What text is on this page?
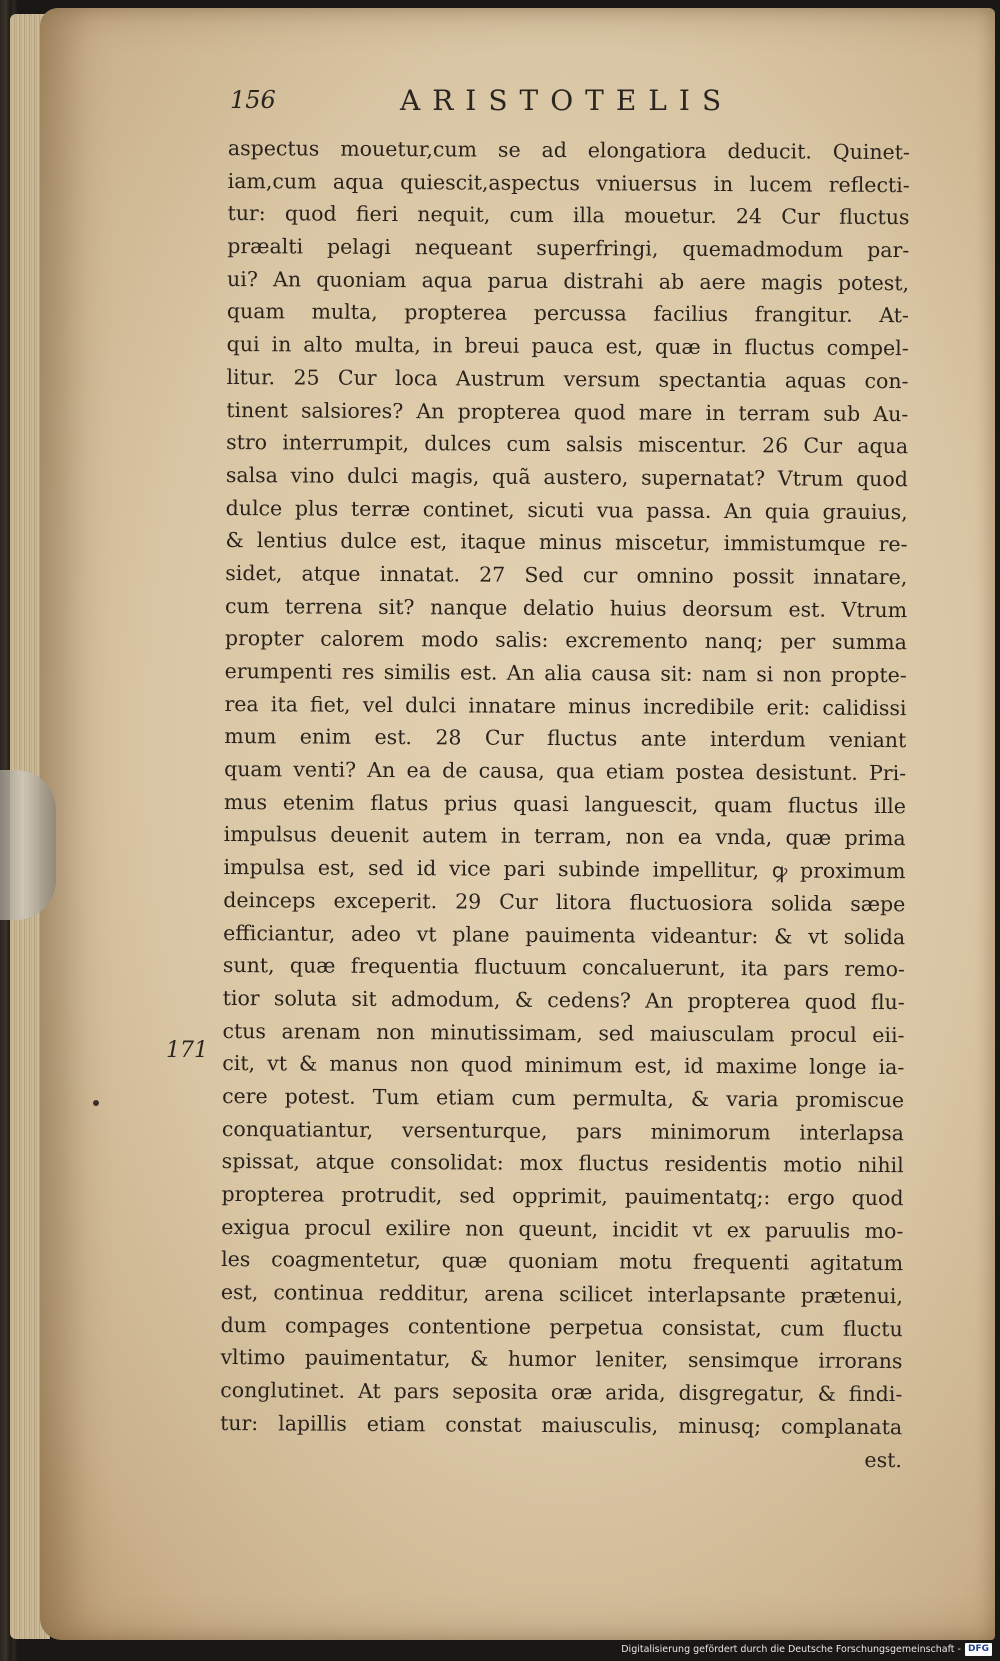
156	ARISTOTELIS
171
aspectus mouetur,cum se ad elongatiora deducit. Quinet-
iam,cum aqua quiescit,aspectus vniuersus in lucem reflecti-
tur: quod fieri nequit, cum illa mouetur. 24 Cur fluctus
præalti pelagi nequeant superfringi, quemadmodum par-
ui? An quoniam aqua parua distrahi ab aere magis potest,
quam multa, propterea percussa facilius frangitur. At-
qui in alto multa, in breui pauca est, quæ in fluctus compel-
litur. 25 Cur loca Austrum versum spectantia aquas con-
tinent salsiores? An propterea quod mare in terram sub Au-
stro interrumpit, dulces cum salsis miscentur. 26 Cur aqua
salsa vino dulci magis, quã austero, supernatat? Vtrum quod
dulce plus terræ continet, sicuti vua passa. An quia grauius,
& lentius dulce est, itaque minus miscetur, immistumque re-
sidet, atque innatat. 27 Sed cur omnino possit innatare,
cum terrena sit? nanque delatio huius deorsum est. Vtrum
propter calorem modo salis: excremento nanq; per summa
erumpenti res similis est. An alia causa sit: nam si non propte-
rea ita fiet, vel dulci innatare minus incredibile erit: calidissi
mum enim est. 28 Cur fluctus ante interdum veniant
quam venti? An ea de causa, qua etiam postea desistunt. Pri-
mus etenim flatus prius quasi languescit, quam fluctus ille
impulsus deuenit autem in terram, non ea vnda, quæ prima
impulsa est, sed id vice pari subinde impellitur, ꝙ proximum
deinceps exceperit. 29 Cur litora fluctuosiora solida sæpe
efficiantur, adeo vt plane pauimenta videantur: & vt solida
sunt, quæ frequentia fluctuum concaluerunt, ita pars remo-
tior soluta sit admodum, & cedens? An propterea quod flu-
ctus arenam non minutissimam, sed maiusculam procul eii-
cit, vt & manus non quod minimum est, id maxime longe ia-
cere potest. Tum etiam cum permulta, & varia promiscue
conquatiantur, versenturque, pars minimorum interlapsa
spissat, atque consolidat: mox fluctus residentis motio nihil
propterea protrudit, sed opprimit, pauimentatq;: ergo quod
exigua procul exilire non queunt, incidit vt ex paruulis mo-
les coagmentetur, quæ quoniam motu frequenti agitatum
est, continua redditur, arena scilicet interlapsante prætenui,
dum compages contentione perpetua consistat, cum fluctu
vltimo pauimentatur, & humor leniter, sensimque irrorans
conglutinet. At pars seposita oræ arida, disgregatur, & findi-
tur: lapillis etiam constat maiusculis, minusq; complanata
est.
Digitalisierung gefördert durch die Deutsche Forschungsgemeinschaft - DFG
